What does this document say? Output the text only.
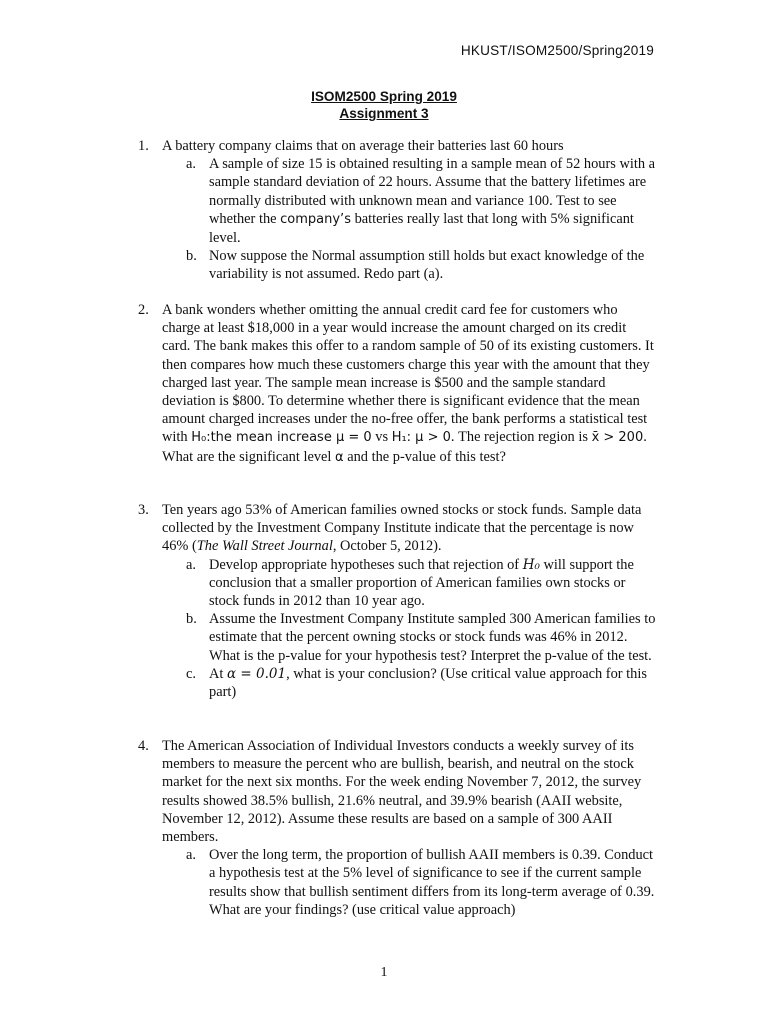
HKUST/ISOM2500/Spring2019
ISOM2500 Spring 2019
Assignment 3
1. A battery company claims that on average their batteries last 60 hours
a. A sample of size 15 is obtained resulting in a sample mean of 52 hours with a sample standard deviation of 22 hours. Assume that the battery lifetimes are normally distributed with unknown mean and variance 100. Test to see whether the company’s batteries really last that long with 5% significant level.
b. Now suppose the Normal assumption still holds but exact knowledge of the variability is not assumed. Redo part (a).
2. A bank wonders whether omitting the annual credit card fee for customers who charge at least $18,000 in a year would increase the amount charged on its credit card. The bank makes this offer to a random sample of 50 of its existing customers. It then compares how much these customers charge this year with the amount that they charged last year. The sample mean increase is $500 and the sample standard deviation is $800. To determine whether there is significant evidence that the mean amount charged increases under the no-free offer, the bank performs a statistical test with H₀:the mean increase μ = 0 vs H₁: μ > 0. The rejection region is x̄ > 200. What are the significant level α and the p-value of this test?
3. Ten years ago 53% of American families owned stocks or stock funds. Sample data collected by the Investment Company Institute indicate that the percentage is now 46% (The Wall Street Journal, October 5, 2012).
a. Develop appropriate hypotheses such that rejection of H₀ will support the conclusion that a smaller proportion of American families own stocks or stock funds in 2012 than 10 year ago.
b. Assume the Investment Company Institute sampled 300 American families to estimate that the percent owning stocks or stock funds was 46% in 2012. What is the p-value for your hypothesis test? Interpret the p-value of the test.
c. At α = 0.01, what is your conclusion? (Use critical value approach for this part)
4. The American Association of Individual Investors conducts a weekly survey of its members to measure the percent who are bullish, bearish, and neutral on the stock market for the next six months. For the week ending November 7, 2012, the survey results showed 38.5% bullish, 21.6% neutral, and 39.9% bearish (AAII website, November 12, 2012). Assume these results are based on a sample of 300 AAII members.
a. Over the long term, the proportion of bullish AAII members is 0.39. Conduct a hypothesis test at the 5% level of significance to see if the current sample results show that bullish sentiment differs from its long-term average of 0.39. What are your findings? (use critical value approach)
1
